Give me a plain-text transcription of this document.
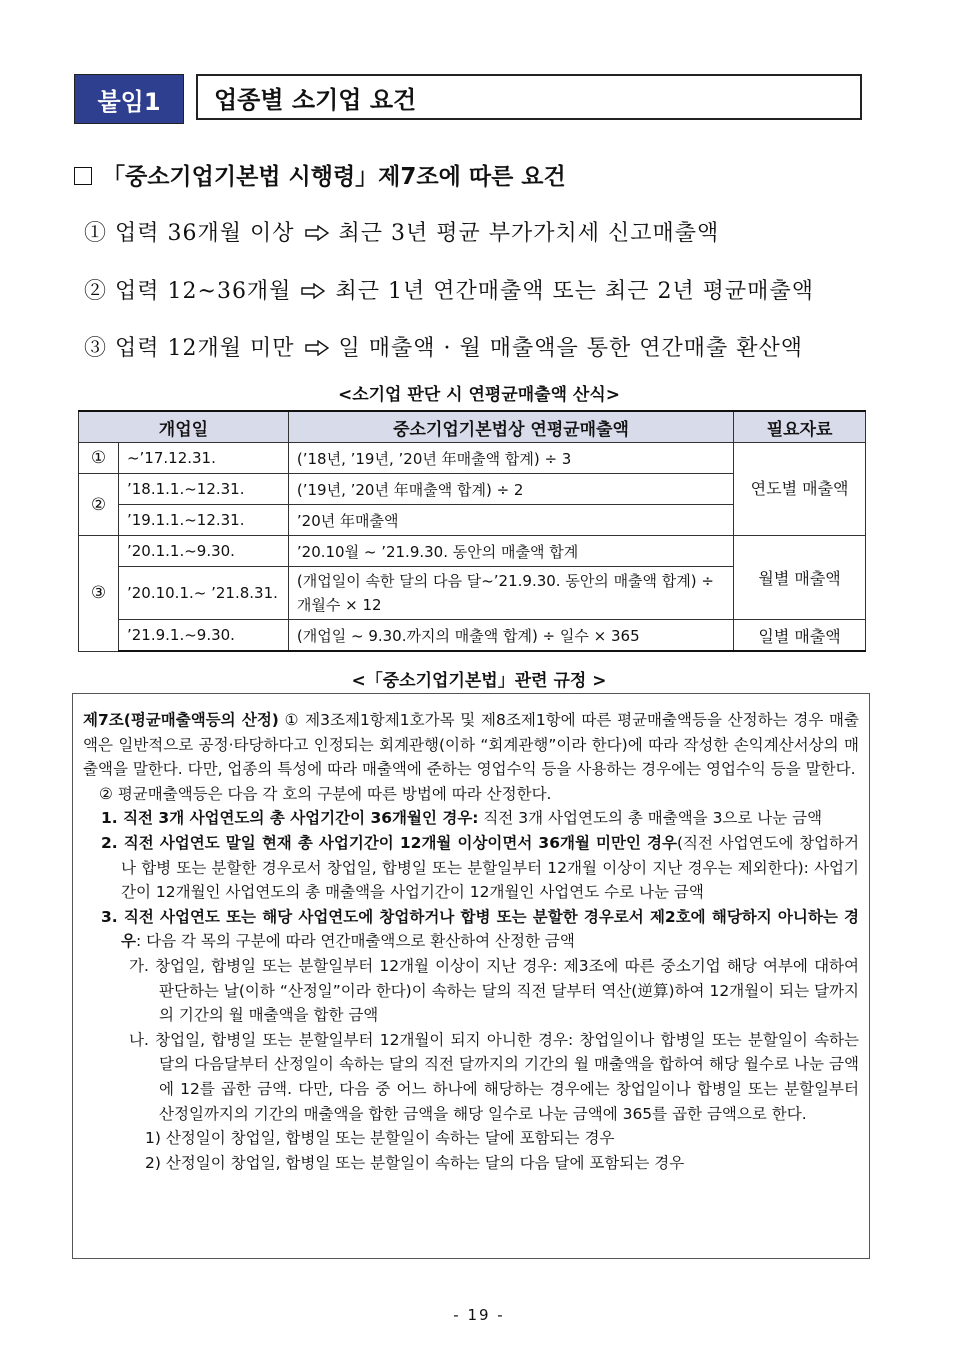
붙임1	업종별 소기업 요건
「중소기업기본법 시행령」제7조에 따른 요건
① 업력 36개월 이상 최근 3년 평균 부가가치세 신고매출액
② 업력 12~36개월 최근 1년 연간매출액 또는 최근 2년 평균매출액
③ 업력 12개월 미만 일 매출액 · 월 매출액을 통한 연간매출 환산액
<소기업 판단 시 연평균매출액 산식>
개업일		중소기업기본법상 연평균매출액	필요자료
①	~’17.12.31.	(’18년, ’19년, ’20년 年매출액 합계) ÷ 3	연도별 매출액
②	’18.1.1.~12.31.	(’19년, ’20년 年매출액 합계) ÷ 2	
	’19.1.1.~12.31.	’20년 年매출액	
③	’20.1.1.~9.30.	’20.10월 ~ ’21.9.30. 동안의 매출액 합계	월별 매출액
	’20.10.1.~ ’21.8.31.	(개업일이 속한 달의 다음 달~’21.9.30. 동안의 매출액 합계) ÷ 개월수 × 12	
	’21.9.1.~9.30.	(개업일 ~ 9.30.까지의 매출액 합계) ÷ 일수 × 365	일별 매출액
<「중소기업기본법」관련 규정 >

제7조(평균매출액등의 산정) ① 제3조제1항제1호가목 및 제8조제1항에 따른 평균매출액등을 산정하는 경우 매출액은 일반적으로 공정·타당하다고 인정되는 회계관행(이하 “회계관행”이라 한다)에 따라 작성한 손익계산서상의 매출액을 말한다. 다만, 업종의 특성에 따라 매출액에 준하는 영업수익 등을 사용하는 경우에는 영업수익 등을 말한다.

② 평균매출액등은 다음 각 호의 구분에 따른 방법에 따라 산정한다.

1. 직전 3개 사업연도의 총 사업기간이 36개월인 경우: 직전 3개 사업연도의 총 매출액을 3으로 나눈 금액

2. 직전 사업연도 말일 현재 총 사업기간이 12개월 이상이면서 36개월 미만인 경우(직전 사업연도에 창업하거나 합병 또는 분할한 경우로서 창업일, 합병일 또는 분할일부터 12개월 이상이 지난 경우는 제외한다): 사업기간이 12개월인 사업연도의 총 매출액을 사업기간이 12개월인 사업연도 수로 나눈 금액

3. 직전 사업연도 또는 해당 사업연도에 창업하거나 합병 또는 분할한 경우로서 제2호에 해당하지 아니하는 경우: 다음 각 목의 구분에 따라 연간매출액으로 환산하여 산정한 금액

가. 창업일, 합병일 또는 분할일부터 12개월 이상이 지난 경우: 제3조에 따른 중소기업 해당 여부에 대하여 판단하는 날(이하 “산정일”이라 한다)이 속하는 달의 직전 달부터 역산(逆算)하여 12개월이 되는 달까지의 기간의 월 매출액을 합한 금액

나. 창업일, 합병일 또는 분할일부터 12개월이 되지 아니한 경우: 창업일이나 합병일 또는 분할일이 속하는 달의 다음달부터 산정일이 속하는 달의 직전 달까지의 기간의 월 매출액을 합하여 해당 월수로 나눈 금액에 12를 곱한 금액. 다만, 다음 중 어느 하나에 해당하는 경우에는 창업일이나 합병일 또는 분할일부터 산정일까지의 기간의 매출액을 합한 금액을 해당 일수로 나눈 금액에 365를 곱한 금액으로 한다.

1) 산정일이 창업일, 합병일 또는 분할일이 속하는 달에 포함되는 경우

2) 산정일이 창업일, 합병일 또는 분할일이 속하는 달의 다음 달에 포함되는 경우

- 19 -
